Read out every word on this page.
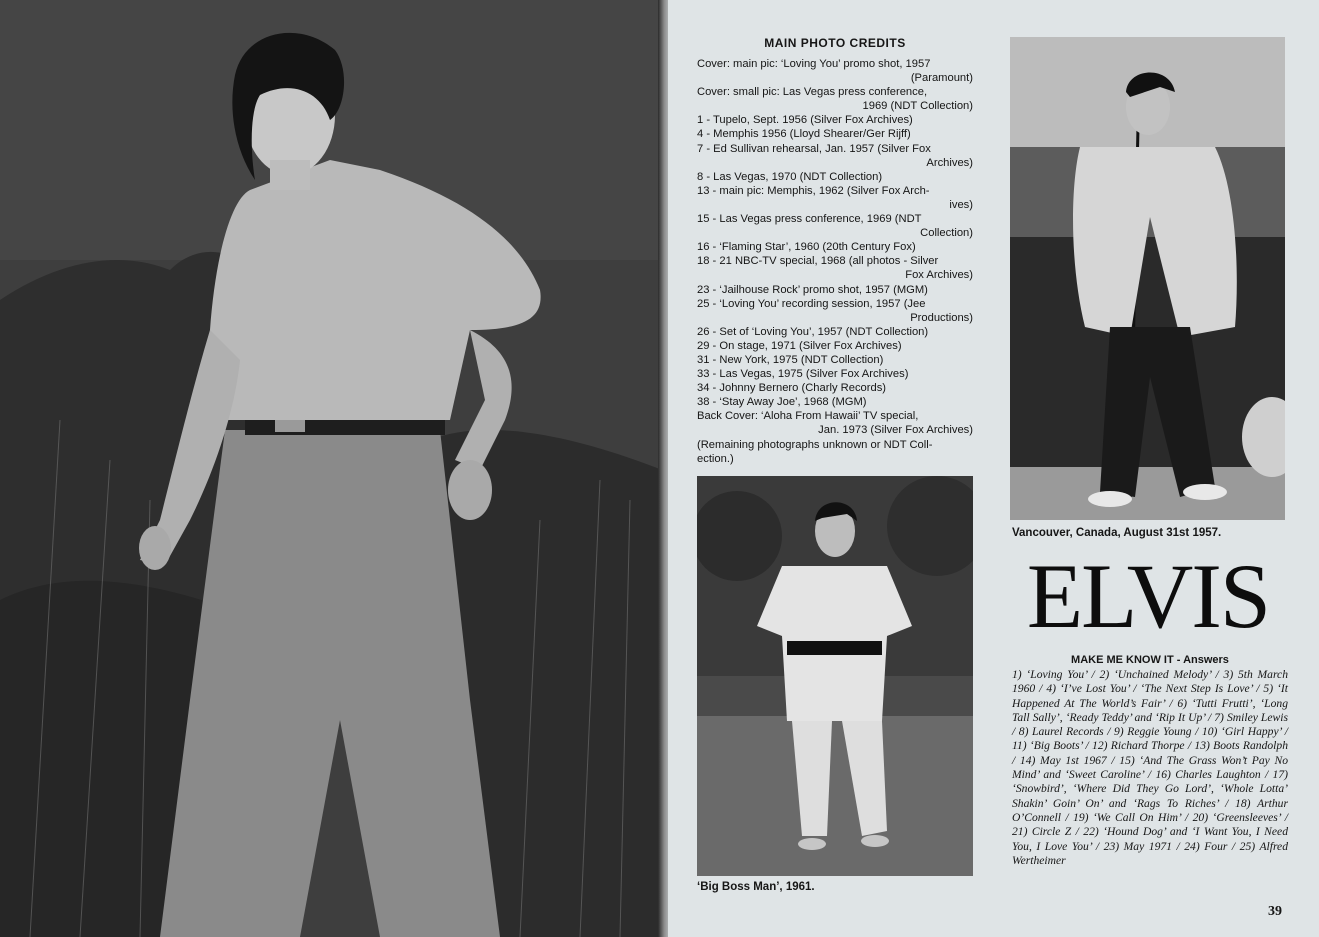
MAIN PHOTO CREDITS
Cover: main pic: ‘Loving You’ promo shot, 1957
(Paramount)
Cover: small pic: Las Vegas press conference,
1969 (NDT Collection)
1 - Tupelo, Sept. 1956 (Silver Fox Archives)
4 - Memphis 1956 (Lloyd Shearer/Ger Rijff)
7 - Ed Sullivan rehearsal, Jan. 1957 (Silver Fox
Archives)
8 - Las Vegas, 1970 (NDT Collection)
13 - main pic: Memphis, 1962 (Silver Fox Arch-
ives)
15 - Las Vegas press conference, 1969 (NDT
Collection)
16 - ‘Flaming Star’, 1960 (20th Century Fox)
18 - 21 NBC-TV special, 1968 (all photos - Silver
Fox Archives)
23 - ‘Jailhouse Rock’ promo shot, 1957 (MGM)
25 - ‘Loving You’ recording session, 1957 (Jee
Productions)
26 - Set of ‘Loving You’, 1957 (NDT Collection)
29 - On stage, 1971 (Silver Fox Archives)
31 - New York, 1975 (NDT Collection)
33 - Las Vegas, 1975 (Silver Fox Archives)
34 - Johnny Bernero (Charly Records)
38 - ‘Stay Away Joe’, 1968 (MGM)
Back Cover: ‘Aloha From Hawaii’ TV special,
Jan. 1973 (Silver Fox Archives)
(Remaining photographs unknown or NDT Coll-
ection.)
Vancouver, Canada, August 31st 1957.
‘Big Boss Man’, 1961.
ELVIS
MAKE ME KNOW IT - Answers
1) ‘Loving You’ / 2) ‘Unchained Melody’ / 3) 5th March 1960 / 4) ‘I’ve Lost You’ / ‘The Next Step Is Love’ / 5) ‘It Happened At The World’s Fair’ / 6) ‘Tutti Frutti’, ‘Long Tall Sally’, ‘Ready Teddy’ and ‘Rip It Up’ / 7) Smiley Lewis / 8) Laurel Records / 9) Reggie Young / 10) ‘Girl Happy’ / 11) ‘Big Boots’ / 12) Richard Thorpe / 13) Boots Randolph / 14) May 1st 1967 / 15) ‘And The Grass Won’t Pay No Mind’ and ‘Sweet Caroline’ / 16) Charles Laughton / 17) ‘Snowbird’, ‘Where Did They Go Lord’, ‘Whole Lotta’ Shakin’ Goin’ On’ and ‘Rags To Riches’ / 18) Arthur O’Connell / 19) ‘We Call On Him’ / 20) ‘Greensleeves’ / 21) Circle Z / 22) ‘Hound Dog’ and ‘I Want You, I Need You, I Love You’ / 23) May 1971 / 24) Four / 25) Alfred Wertheimer
39
